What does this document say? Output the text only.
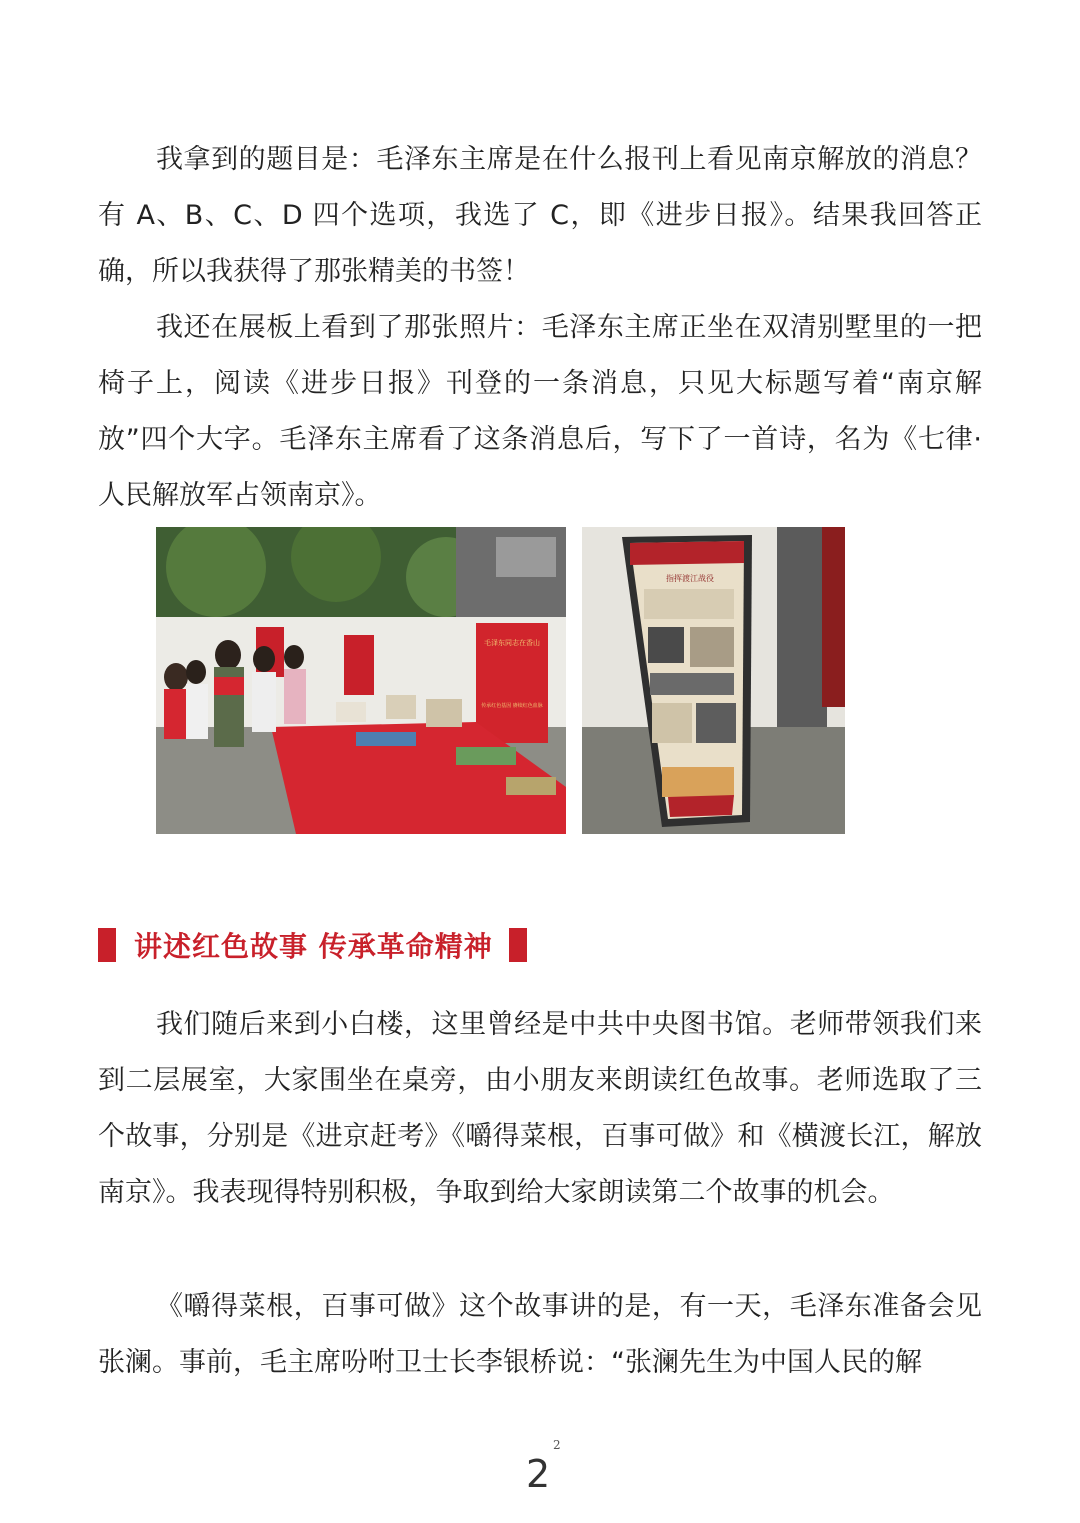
我拿到的题目是：毛泽东主席是在什么报刊上看见南京解放的消息？有 A、B、C、D 四个选项，我选了 C，即《进步日报》。结果我回答正确，所以我获得了那张精美的书签！

我还在展板上看到了那张照片：毛泽东主席正坐在双清别墅里的一把椅子上，阅读《进步日报》刊登的一条消息，只见大标题写着“南京解放”四个大字。毛泽东主席看了这条消息后，写下了一首诗，名为《七律·人民解放军占领南京》。

毛泽东同志在香山
传承红色基因 赓续红色血脉
指挥渡江战役
讲述红色故事 传承革命精神

我们随后来到小白楼，这里曾经是中共中央图书馆。老师带领我们来到二层展室，大家围坐在桌旁，由小朋友来朗读红色故事。老师选取了三个故事，分别是《进京赶考》《嚼得菜根，百事可做》和《横渡长江，解放南京》。我表现得特别积极，争取到给大家朗读第二个故事的机会。

《嚼得菜根，百事可做》这个故事讲的是，有一天，毛泽东准备会见张澜。事前，毛主席吩咐卫士长李银桥说：“张澜先生为中国人民的解

2
2
